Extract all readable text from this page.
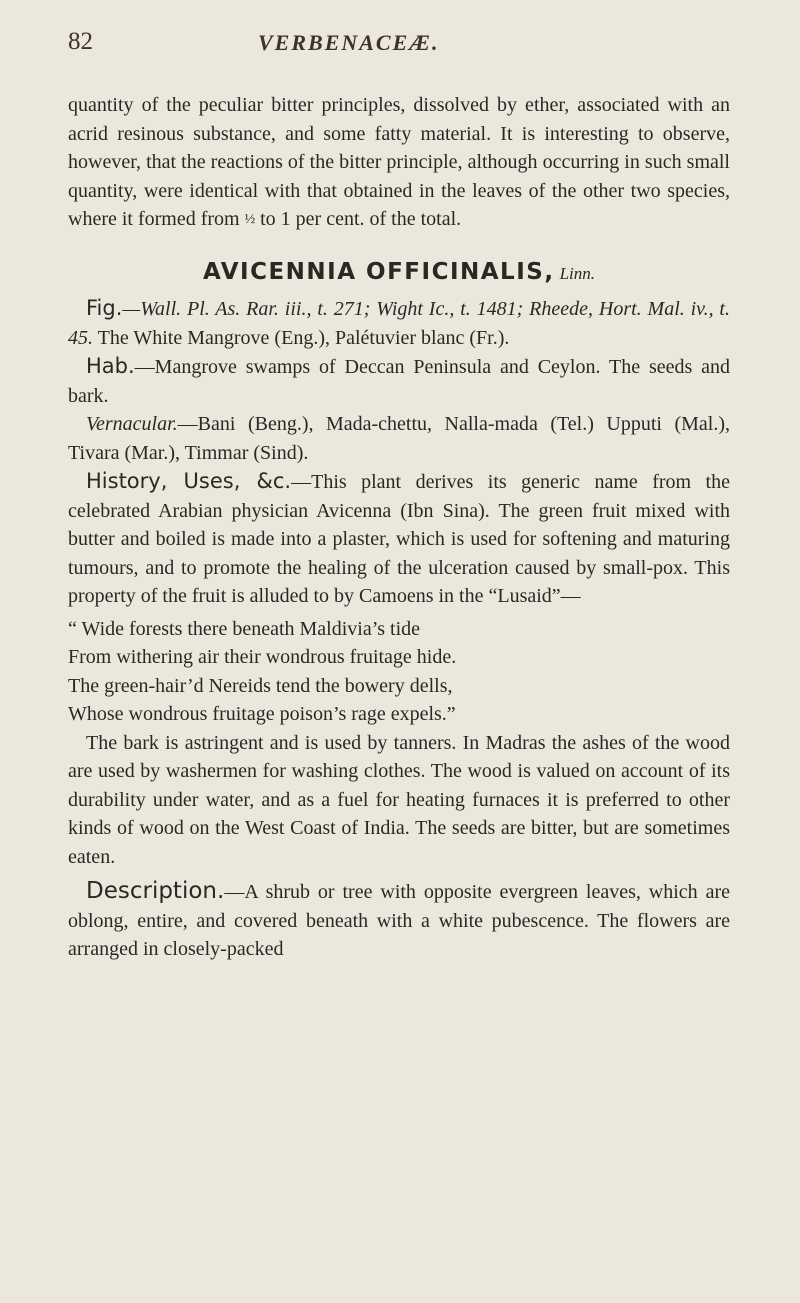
82	VERBENACEÆ.

quantity of the peculiar bitter principles, dissolved by ether, associated with an acrid resinous substance, and some fatty material. It is interesting to observe, however, that the reactions of the bitter principle, although occurring in such small quantity, were identical with that obtained in the leaves of the other two species, where it formed from ½ to 1 per cent. of the total.

AVICENNIA OFFICINALIS, Linn.

Fig.—Wall. Pl. As. Rar. iii., t. 271; Wight Ic., t. 1481; Rheede, Hort. Mal. iv., t. 45. The White Mangrove (Eng.), Palétuvier blanc (Fr.).

Hab.—Mangrove swamps of Deccan Peninsula and Ceylon. The seeds and bark.

Vernacular.—Bani (Beng.), Mada-chettu, Nalla-mada (Tel.) Upputi (Mal.), Tivara (Mar.), Timmar (Sind).

History, Uses, &c.—This plant derives its generic name from the celebrated Arabian physician Avicenna (Ibn Sina). The green fruit mixed with butter and boiled is made into a plaster, which is used for softening and maturing tumours, and to promote the healing of the ulceration caused by small-pox. This property of the fruit is alluded to by Camoens in the “Lusaid”—

“ Wide forests there beneath Maldivia’s tide
From withering air their wondrous fruitage hide.
The green-hair’d Nereids tend the bowery dells,
Whose wondrous fruitage poison’s rage expels.”

The bark is astringent and is used by tanners. In Madras the ashes of the wood are used by washermen for washing clothes. The wood is valued on account of its durability under water, and as a fuel for heating furnaces it is preferred to other kinds of wood on the West Coast of India. The seeds are bitter, but are sometimes eaten.

Description.—A shrub or tree with opposite evergreen leaves, which are oblong, entire, and covered beneath with a white pubescence. The flowers are arranged in closely-packed
